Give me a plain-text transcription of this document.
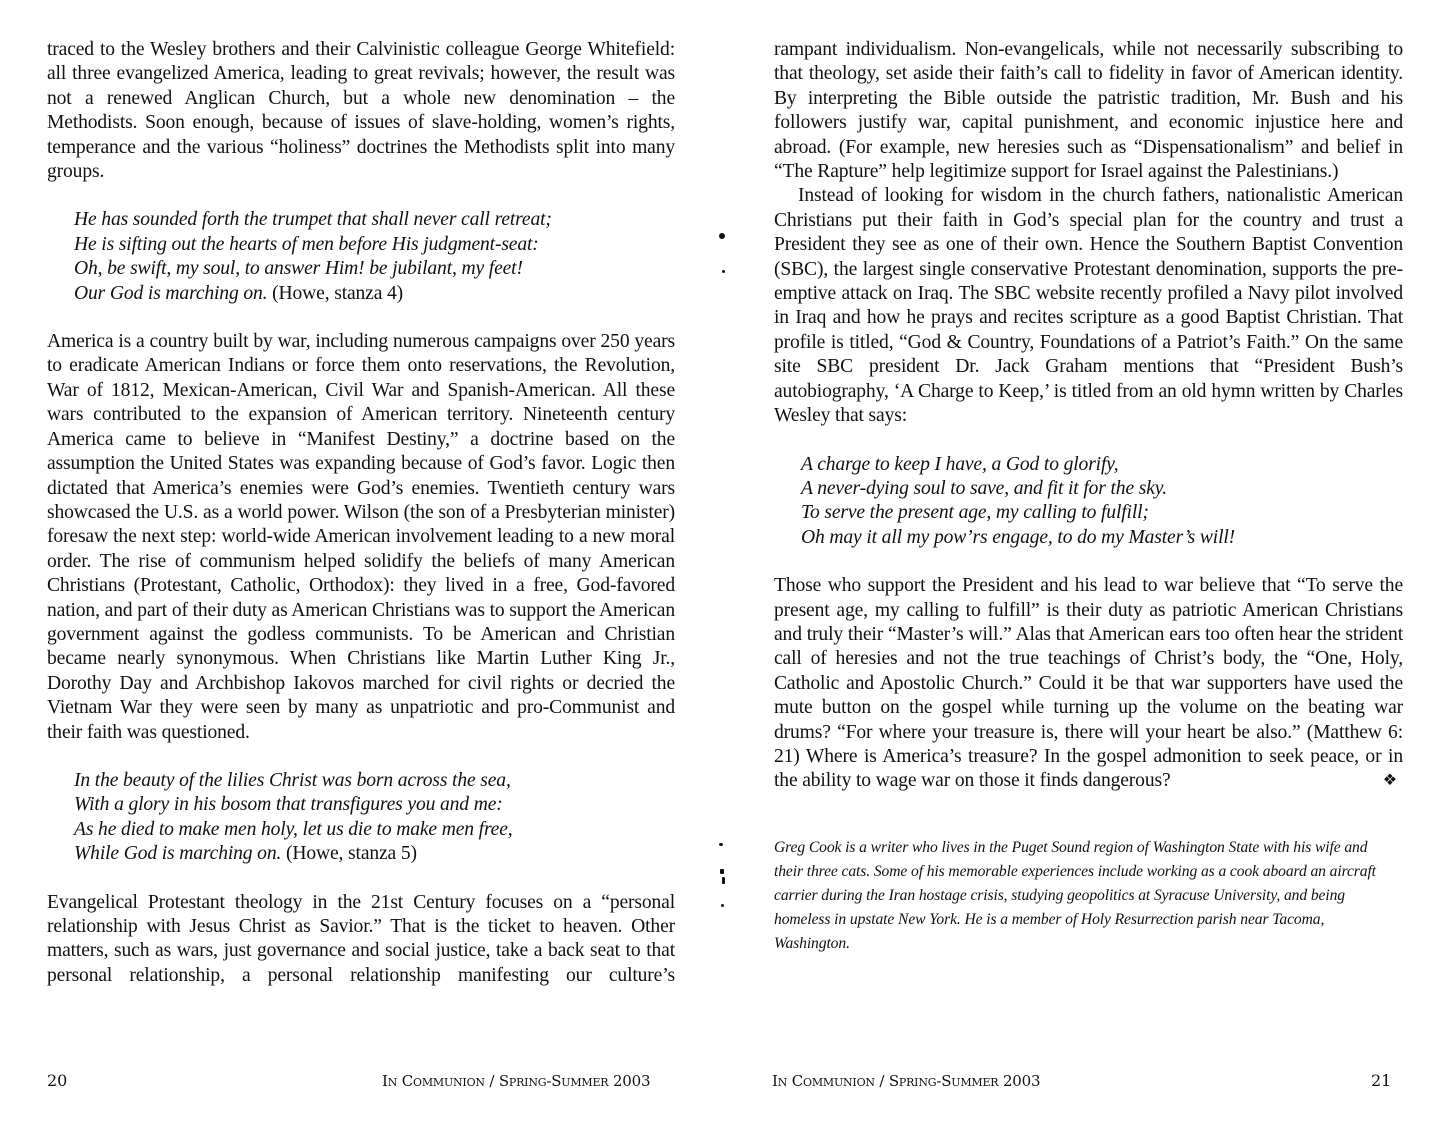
traced to the Wesley brothers and their Calvinistic colleague George Whitefield: all three evangelized America, leading to great revivals; however, the result was not a renewed Anglican Church, but a whole new denomination – the Methodists. Soon enough, because of issues of slave-holding, women’s rights, temperance and the various “holiness” doctrines the Methodists split into many groups.

He has sounded forth the trumpet that shall never call retreat;
He is sifting out the hearts of men before His judgment-seat:
Oh, be swift, my soul, to answer Him! be jubilant, my feet!
Our God is marching on. (Howe, stanza 4)

America is a country built by war, including numerous campaigns over 250 years to eradicate American Indians or force them onto reservations, the Revolution, War of 1812, Mexican-American, Civil War and Spanish-American. All these wars contributed to the expansion of American territory. Nineteenth century America came to believe in “Manifest Destiny,” a doctrine based on the assumption the United States was expanding because of God’s favor. Logic then dictated that America’s enemies were God’s enemies. Twentieth century wars showcased the U.S. as a world power. Wilson (the son of a Presbyterian minister) foresaw the next step: world-wide American involvement leading to a new moral order. The rise of communism helped solidify the beliefs of many American Christians (Protestant, Catholic, Orthodox): they lived in a free, God-favored nation, and part of their duty as American Christians was to support the American government against the godless communists. To be American and Christian became nearly synonymous. When Christians like Martin Luther King Jr., Dorothy Day and Archbishop Iakovos marched for civil rights or decried the Vietnam War they were seen by many as unpatriotic and pro-Communist and their faith was questioned.

In the beauty of the lilies Christ was born across the sea,
With a glory in his bosom that transfigures you and me:
As he died to make men holy, let us die to make men free,
While God is marching on. (Howe, stanza 5)

Evangelical Protestant theology in the 21st Century focuses on a “personal relationship with Jesus Christ as Savior.” That is the ticket to heaven. Other matters, such as wars, just governance and social justice, take a back seat to that personal relationship, a personal relationship manifesting our culture’s

20	In Communion / Spring-Summer 2003

rampant individualism. Non-evangelicals, while not necessarily subscribing to that theology, set aside their faith’s call to fidelity in favor of American identity. By interpreting the Bible outside the patristic tradition, Mr. Bush and his followers justify war, capital punishment, and economic injustice here and abroad. (For example, new heresies such as “Dispensationalism” and belief in “The Rapture” help legitimize support for Israel against the Palestinians.)

Instead of looking for wisdom in the church fathers, nationalistic American Christians put their faith in God’s special plan for the country and trust a President they see as one of their own. Hence the Southern Baptist Convention (SBC), the largest single conservative Protestant denomination, supports the pre-emptive attack on Iraq. The SBC website recently profiled a Navy pilot involved in Iraq and how he prays and recites scripture as a good Baptist Christian. That profile is titled, “God & Country, Foundations of a Patriot’s Faith.” On the same site SBC president Dr. Jack Graham mentions that “President Bush’s autobiography, ‘A Charge to Keep,’ is titled from an old hymn written by Charles Wesley that says:

A charge to keep I have, a God to glorify,
A never-dying soul to save, and fit it for the sky.
To serve the present age, my calling to fulfill;
Oh may it all my pow’rs engage, to do my Master’s will!

Those who support the President and his lead to war believe that “To serve the present age, my calling to fulfill” is their duty as patriotic American Christians and truly their “Master’s will.” Alas that American ears too often hear the strident call of heresies and not the true teachings of Christ’s body, the “One, Holy, Catholic and Apostolic Church.” Could it be that war supporters have used the mute button on the gospel while turning up the volume on the beating war drums? “For where your treasure is, there will your heart be also.” (Matthew 6: 21) Where is America’s treasure? In the gospel admonition to seek peace, or in the ability to wage war on those it finds dangerous?	❖

Greg Cook is a writer who lives in the Puget Sound region of Washington State with his wife and their three cats. Some of his memorable experiences include working as a cook aboard an aircraft carrier during the Iran hostage crisis, studying geopolitics at Syracuse University, and being homeless in upstate New York. He is a member of Holy Resurrection parish near Tacoma, Washington.

In Communion / Spring-Summer 2003	21
